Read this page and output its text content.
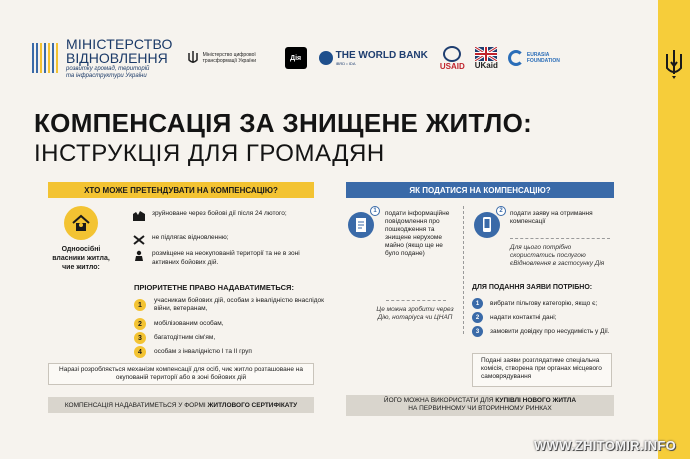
МІНІСТЕРСТВО
ВІДНОВЛЕННЯ
розвитку громад, територій та інфраструктури України
Міністерство цифрової трансформації України	Дія	THE WORLD BANK
IBRD • IDA	USAID UKaid
EURASIA FOUNDATION
КОМПЕНСАЦІЯ ЗА ЗНИЩЕНЕ ЖИТЛО:
ІНСТРУКЦІЯ ДЛЯ ГРОМАДЯН
ХТО МОЖЕ ПРЕТЕНДУВАТИ НА КОМПЕНСАЦІЮ?
Одноосібні власники житла, чие житло:
зруйноване через бойові дії після 24 лютого;
не підлягає відновленню;
розміщене на неокупованій території та не в зоні активних бойових дій.
ПРІОРИТЕТНЕ ПРАВО НАДАВАТИМЕТЬСЯ:
1
учасникам бойових дій, особам з інвалідністю внаслідок війни, ветеранам,
2	мобілізованим особам,
3	багатодітним сім'ям,
4	особам з інвалідністю І та ІІ груп
Наразі розробляється механізм компенсації для осіб, чиє житло розташоване на окупованій території або в зоні бойових дій
КОМПЕНСАЦІЯ НАДАВАТИМЕТЬСЯ У ФОРМІ ЖИТЛОВОГО СЕРТИФІКАТУ
ЯК ПОДАТИСЯ НА КОМПЕНСАЦІЮ?
1	подати інформаційне повідомлення про пошкодження та знищене нерухоме майно (якщо ще не було подане)
Це можна зробити через Дію, нотаріуса чи ЦНАП
2	подати заяву на отримання компенсації
Для цього потрібно скористатись послугою єВідновлення в застосунку Дія
ДЛЯ ПОДАННЯ ЗАЯВИ ПОТРІБНО:
1	вибрати пільгову категорію, якщо є;
2	надати контактні дані;
3	замовити довідку про несудимість у Дії.
Подані заяви розглядатиме спеціальна комісія, створена при органах місцевого самоврядування
ЙОГО МОЖНА ВИКОРИСТАТИ ДЛЯ КУПІВЛІ НОВОГО ЖИТЛА
НА ПЕРВИННОМУ ЧИ ВТОРИННОМУ РИНКАХ
WWW.ZHITOMIR.INFO
